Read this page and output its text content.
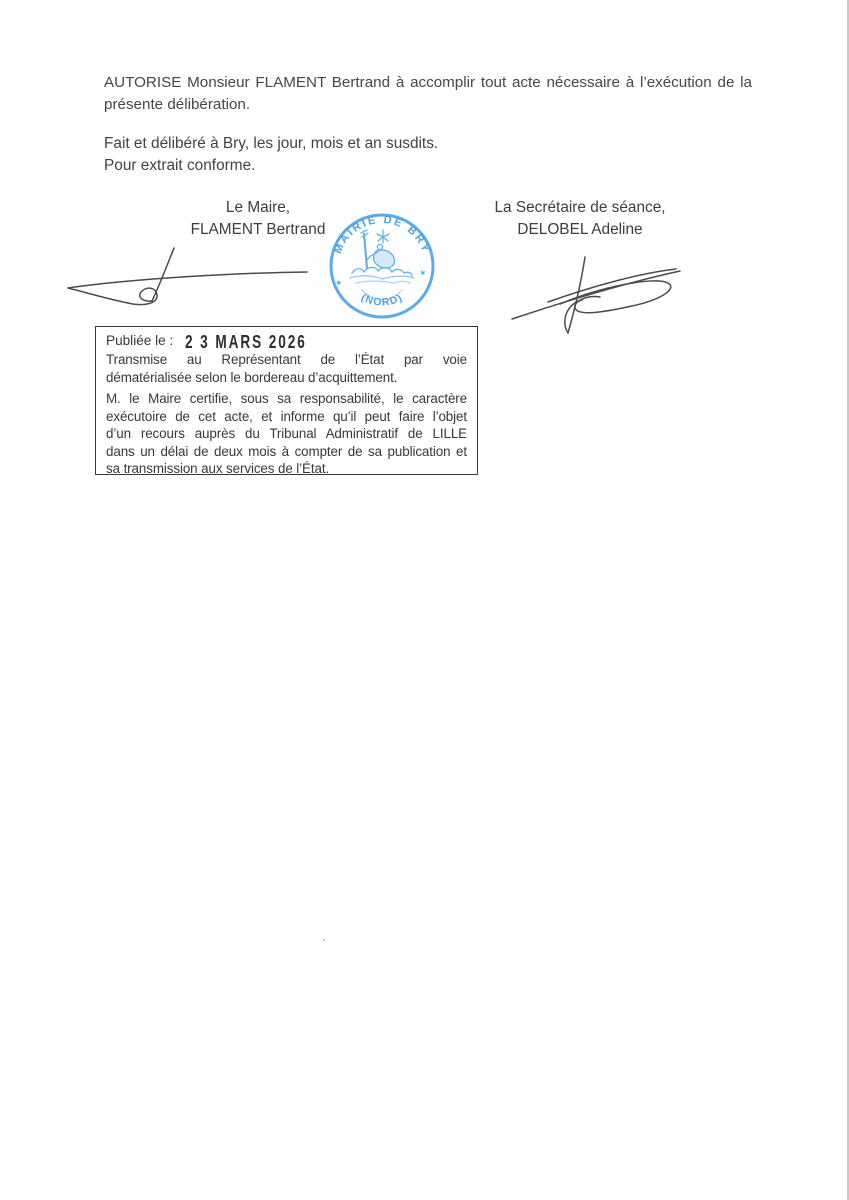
AUTORISE Monsieur FLAMENT Bertrand à accomplir tout acte nécessaire à l’exécution de la
présente délibération.
Fait et délibéré à Bry, les jour, mois et an susdits.
Pour extrait conforme.
Le Maire,
FLAMENT Bertrand
La Secrétaire de séance,
DELOBEL Adeline
MAIRIE DE BRY
(NORD)
✶
✶
Publiée le : 2 3 MARS 2026
Transmise au Représentant de l’État par voie
dématérialisée selon le bordereau d’acquittement.
M. le Maire certifie, sous sa responsabilité, le caractère
exécutoire de cet acte, et informe qu’il peut faire l’objet
d’un recours auprès du Tribunal Administratif de LILLE
dans un délai de deux mois à compter de sa publication et
sa transmission aux services de l’État.
